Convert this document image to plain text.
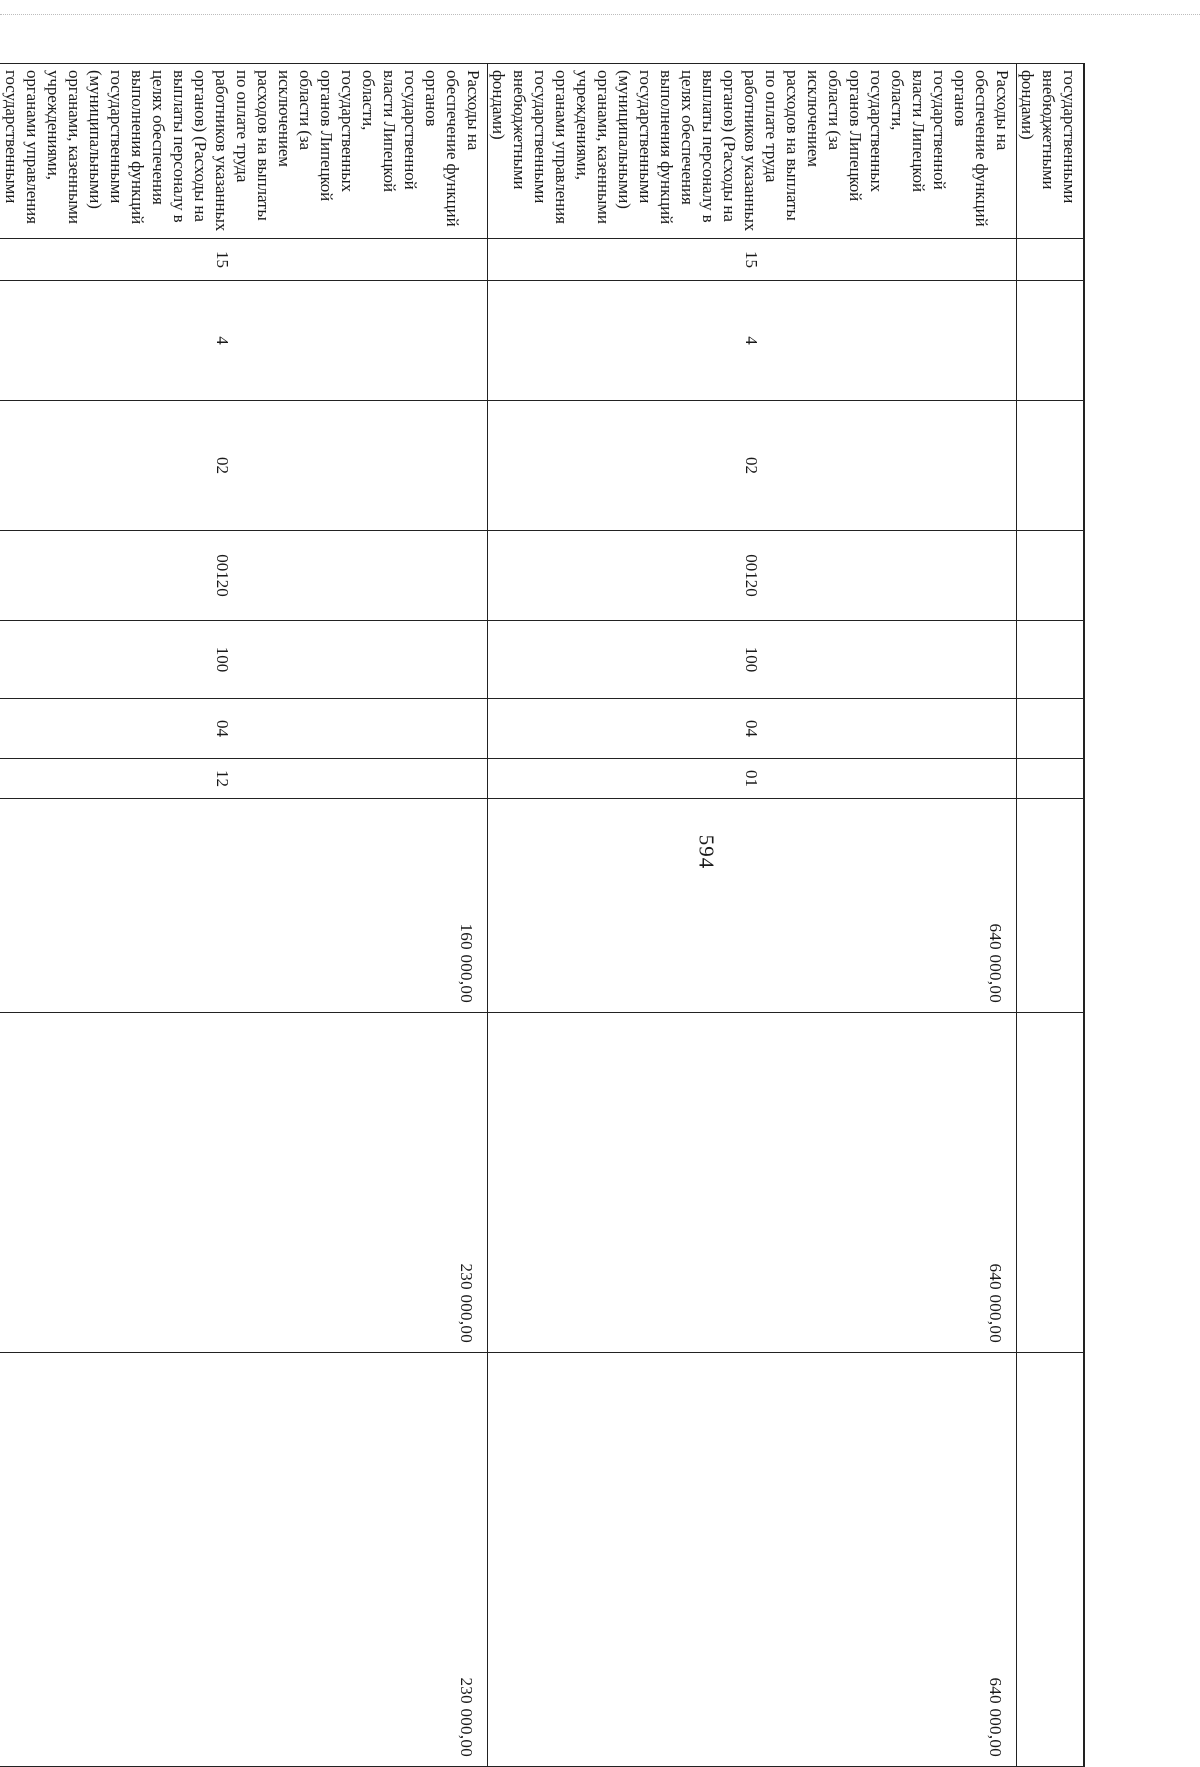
594
государственными внебюджетными фондами)										
Расходы на обеспечение функций органов государственной власти Липецкой области, государственных органов Липецкой области (за исключением расходов на выплаты по оплате труда работников указанных органов) (Расходы на выплаты персоналу в целях обеспечения выполнения функций государственными (муниципальными) органами, казенными учреждениями, органами управления государственными внебюджетными фондами)	15	4	02	00120	100	04	01	640 000,00	640 000,00	640 000,00
Расходы на обеспечение функций органов государственной власти Липецкой области, государственных органов Липецкой области (за исключением расходов на выплаты по оплате труда работников указанных органов) (Расходы на выплаты персоналу в целях обеспечения выполнения функций государственными (муниципальными) органами, казенными учреждениями, органами управления государственными	15	4	02	00120	100	04	12	160 000,00	230 000,00	230 000,00
